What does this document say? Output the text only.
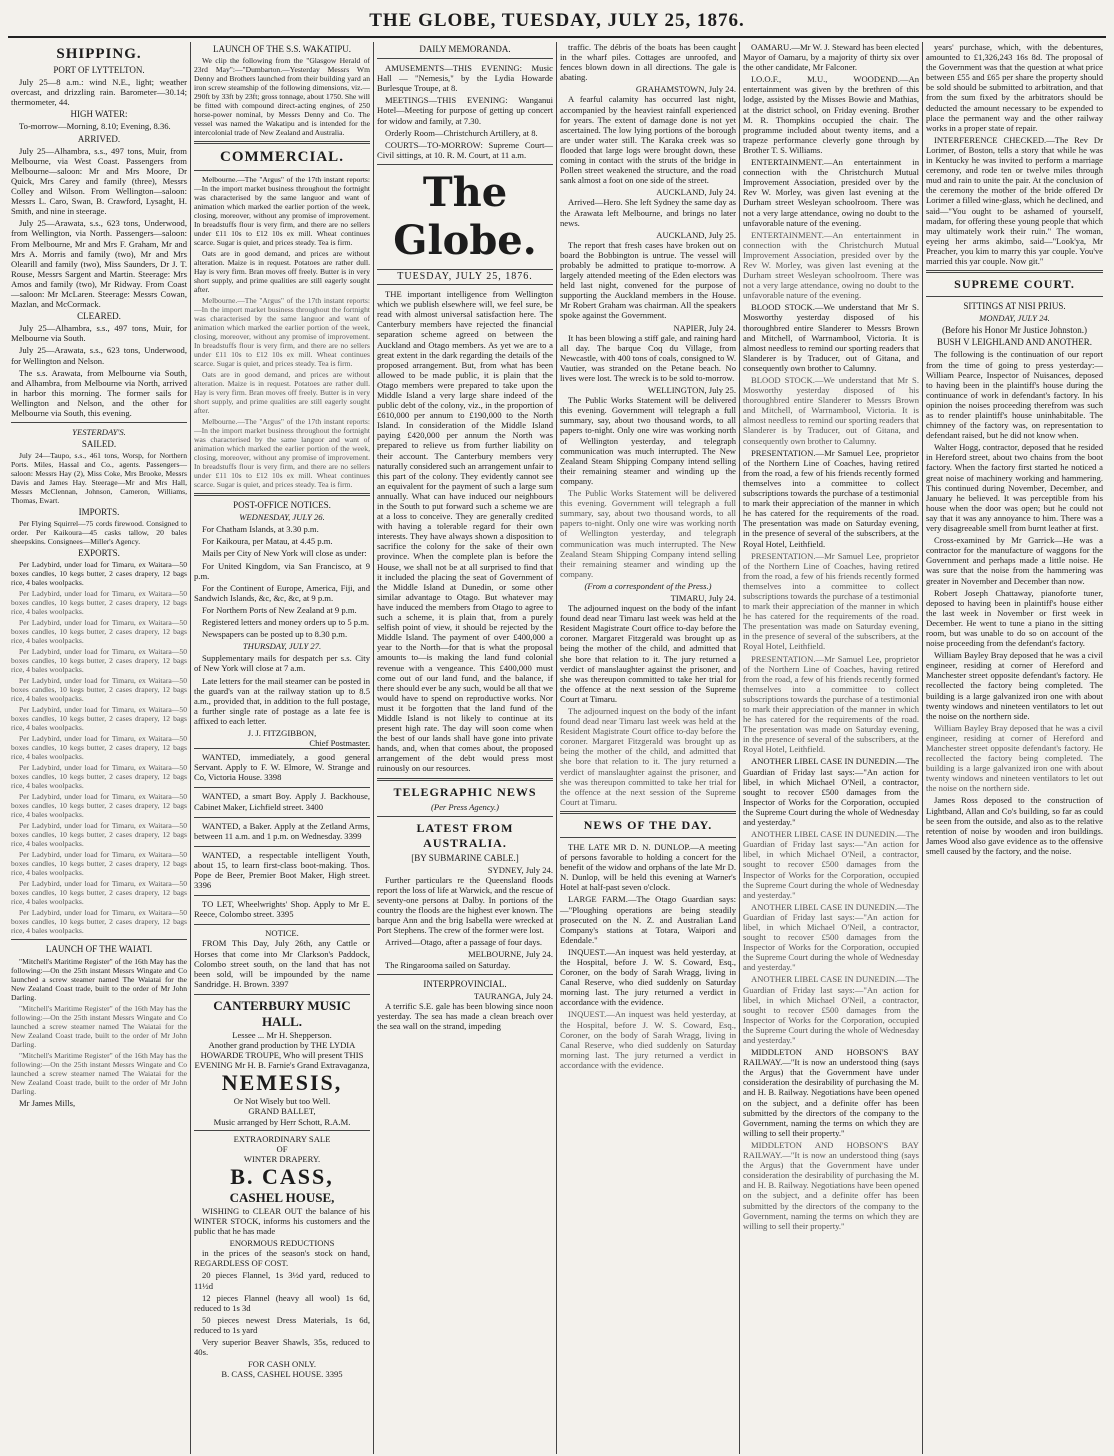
THE GLOBE, TUESDAY, JULY 25, 1876.
SHIPPING.
PORT OF LYTTELTON.

July 25—8 a.m.: wind N.E., light; weather overcast, and drizzling rain. Barometer—30.14; thermometer, 44.

HIGH WATER:

To-morrow—Morning, 8.10; Evening, 8.36.

ARRIVED.

July 25—Alhambra, s.s., 497 tons, Muir, from Melbourne, via West Coast. Passengers from Melbourne—saloon: Mr and Mrs Moore, Dr Quick, Mrs Carey and family (three), Messrs Colley and Wilson. From Wellington—saloon: Messrs L. Caro, Swan, B. Crawford, Lysaght, H. Smith, and nine in steerage.

July 25—Arawata, s.s., 623 tons, Underwood, from Wellington, via North. Passengers—saloon: From Melbourne, Mr and Mrs F. Graham, Mr and Mrs A. Morris and family (two), Mr and Mrs Olearill and family (two), Miss Saunders, Dr J. T. Rouse, Messrs Sargent and Martin. Steerage: Mrs Amos and family (two), Mr Ridway. From Coast—saloon: Mr McLaren. Steerage: Messrs Cowan, Mazlan, and McCormack.

CLEARED.

July 25—Alhambra, s.s., 497 tons, Muir, for Melbourne via South.

July 25—Arawata, s.s., 623 tons, Underwood, for Wellington and Nelson.

The s.s. Arawata, from Melbourne via South, and Alhambra, from Melbourne via North, arrived in harbor this morning. The former sails for Wellington and Nelson, and the other for Melbourne via South, this evening.

YESTERDAY'S.
SAILED.

July 24—Taupo, s.s., 461 tons, Worsp, for Northern Ports. Miles, Hassal and Co., agents. Passengers—saloon: Messrs Hay (2), Miss Coke, Mrs Brooke, Messrs Davis and James Hay. Steerage—Mr and Mrs Hall, Messrs McClennan, Johnson, Cameron, Williams, Thomas, Ewart.

IMPORTS.

Per Flying Squirrel—75 cords firewood. Consigned to order. Per Kaikoura—45 casks tallow, 20 bales sheepskins. Consignees—Miller's Agency.

EXPORTS.

Per Ladybird, under load for Timaru, ex Waitara—50 boxes candles, 10 kegs butter, 2 cases drapery, 12 bags rice, 4 bales woolpacks.

Per Ladybird, under load for Timaru, ex Waitara—50 boxes candles, 10 kegs butter, 2 cases drapery, 12 bags rice, 4 bales woolpacks.

Per Ladybird, under load for Timaru, ex Waitara—50 boxes candles, 10 kegs butter, 2 cases drapery, 12 bags rice, 4 bales woolpacks.

Per Ladybird, under load for Timaru, ex Waitara—50 boxes candles, 10 kegs butter, 2 cases drapery, 12 bags rice, 4 bales woolpacks.

Per Ladybird, under load for Timaru, ex Waitara—50 boxes candles, 10 kegs butter, 2 cases drapery, 12 bags rice, 4 bales woolpacks.

Per Ladybird, under load for Timaru, ex Waitara—50 boxes candles, 10 kegs butter, 2 cases drapery, 12 bags rice, 4 bales woolpacks.

Per Ladybird, under load for Timaru, ex Waitara—50 boxes candles, 10 kegs butter, 2 cases drapery, 12 bags rice, 4 bales woolpacks.

Per Ladybird, under load for Timaru, ex Waitara—50 boxes candles, 10 kegs butter, 2 cases drapery, 12 bags rice, 4 bales woolpacks.

Per Ladybird, under load for Timaru, ex Waitara—50 boxes candles, 10 kegs butter, 2 cases drapery, 12 bags rice, 4 bales woolpacks.

Per Ladybird, under load for Timaru, ex Waitara—50 boxes candles, 10 kegs butter, 2 cases drapery, 12 bags rice, 4 bales woolpacks.

Per Ladybird, under load for Timaru, ex Waitara—50 boxes candles, 10 kegs butter, 2 cases drapery, 12 bags rice, 4 bales woolpacks.

Per Ladybird, under load for Timaru, ex Waitara—50 boxes candles, 10 kegs butter, 2 cases drapery, 12 bags rice, 4 bales woolpacks.

Per Ladybird, under load for Timaru, ex Waitara—50 boxes candles, 10 kegs butter, 2 cases drapery, 12 bags rice, 4 bales woolpacks.

LAUNCH OF THE WAIATI.

"Mitchell's Maritime Register" of the 16th May has the following:—On the 25th instant Messrs Wingate and Co launched a screw steamer named The Waiatai for the New Zealand Coast trade, built to the order of Mr John Darling.

"Mitchell's Maritime Register" of the 16th May has the following:—On the 25th instant Messrs Wingate and Co launched a screw steamer named The Waiatai for the New Zealand Coast trade, built to the order of Mr John Darling.

"Mitchell's Maritime Register" of the 16th May has the following:—On the 25th instant Messrs Wingate and Co launched a screw steamer named The Waiatai for the New Zealand Coast trade, built to the order of Mr John Darling.

Mr James Mills,

LAUNCH OF THE S.S. WAKATIPU.

We clip the following from the "Glasgow Herald of 23rd May":—"Dumbarton.—Yesterday Messrs Wm Denny and Brothers launched from their building yard an iron screw steamship of the following dimensions, viz.—290ft by 33ft by 23ft; gross tonnage, about 1750. She will be fitted with compound direct-acting engines, of 250 horse-power nominal, by Messrs Denny and Co. The vessel was named the Wakatipu and is intended for the intercolonial trade of New Zealand and Australia.

COMMERCIAL.

Melbourne.—The "Argus" of the 17th instant reports:—In the import market business throughout the fortnight was characterised by the same languor and want of animation which marked the earlier portion of the week, closing, moreover, without any promise of improvement. In breadstuffs flour is very firm, and there are no sellers under £11 10s to £12 10s ex mill. Wheat continues scarce. Sugar is quiet, and prices steady. Tea is firm.

Oats are in good demand, and prices are without alteration. Maize is in request. Potatoes are rather dull. Hay is very firm. Bran moves off freely. Butter is in very short supply, and prime qualities are still eagerly sought after.

Melbourne.—The "Argus" of the 17th instant reports:—In the import market business throughout the fortnight was characterised by the same languor and want of animation which marked the earlier portion of the week, closing, moreover, without any promise of improvement. In breadstuffs flour is very firm, and there are no sellers under £11 10s to £12 10s ex mill. Wheat continues scarce. Sugar is quiet, and prices steady. Tea is firm.

Oats are in good demand, and prices are without alteration. Maize is in request. Potatoes are rather dull. Hay is very firm. Bran moves off freely. Butter is in very short supply, and prime qualities are still eagerly sought after.

Melbourne.—The "Argus" of the 17th instant reports:—In the import market business throughout the fortnight was characterised by the same languor and want of animation which marked the earlier portion of the week, closing, moreover, without any promise of improvement. In breadstuffs flour is very firm, and there are no sellers under £11 10s to £12 10s ex mill. Wheat continues scarce. Sugar is quiet, and prices steady. Tea is firm.

POST-OFFICE NOTICES.
WEDNESDAY, JULY 26.

For Chatham Islands, at 3.30 p.m.

For Kaikoura, per Matau, at 4.45 p.m.

Mails per City of New York will close as under:

For United Kingdom, via San Francisco, at 9 p.m.

For the Continent of Europe, America, Fiji, and Sandwich Islands, &c, &c, &c, at 9 p.m.

For Northern Ports of New Zealand at 9 p.m.

Registered letters and money orders up to 5 p.m.

Newspapers can be posted up to 8.30 p.m.

THURSDAY, JULY 27.

Supplementary mails for despatch per s.s. City of New York will close at 7 a.m.

Late letters for the mail steamer can be posted in the guard's van at the railway station up to 8.5 a.m., provided that, in addition to the full postage, a further single rate of postage as a late fee is affixed to each letter.

J. J. FITZGIBBON,
Chief Postmaster.

WANTED, immediately, a good general Servant. Apply to F. W. Elmore, W. Strange and Co, Victoria House. 3398

WANTED, a smart Boy. Apply J. Backhouse, Cabinet Maker, Lichfield street. 3400

WANTED, a Baker. Apply at the Zetland Arms, between 11 a.m. and 1 p.m. on Wednesday. 3399

WANTED, a respectable intelligent Youth, about 15, to learn first-class boot-making. Thos. Pope de Beer, Premier Boot Maker, High street. 3396

TO LET, Wheelwrights' Shop. Apply to Mr E. Reece, Colombo street. 3395

NOTICE.

FROM This Day, July 26th, any Cattle or Horses that come into Mr Clarkson's Paddock, Colombo street south, on the land that has not been sold, will be impounded by the name Sandridge. H. Brown. 3397

CANTERBURY MUSIC HALL.
Lessee ... Mr H. Shepperson.
Another grand production by THE LYDIA HOWARDE TROUPE, Who will present THIS EVENING Mr H. B. Farnie's Grand Extravaganza,
NEMESIS,
Or Not Wisely but too Well.
GRAND BALLET,
Music arranged by Herr Schott, R.A.M.
EXTRAORDINARY SALE
OF
WINTER DRAPERY.
B. CASS,
CASHEL HOUSE,

WISHING to CLEAR OUT the balance of his WINTER STOCK, informs his customers and the public that he has made

ENORMOUS REDUCTIONS

in the prices of the season's stock on hand, REGARDLESS OF COST.

20 pieces Flannel, 1s 3½d yard, reduced to 11½d

12 pieces Flannel (heavy all wool) 1s 6d, reduced to 1s 3d

50 pieces newest Dress Materials, 1s 6d, reduced to 1s yard

Very superior Beaver Shawls, 35s, reduced to 40s.

FOR CASH ONLY.
B. CASS, CASHEL HOUSE. 3395
DAILY MEMORANDA.

AMUSEMENTS—THIS EVENING: Music Hall — "Nemesis," by the Lydia Howarde Burlesque Troupe, at 8.

MEETINGS—THIS EVENING: Wanganui Hotel—Meeting for purpose of getting up concert for widow and family, at 7.30.

Orderly Room—Christchurch Artillery, at 8.

COURTS—TO-MORROW: Supreme Court—Civil sittings, at 10. R. M. Court, at 11 a.m.

The Globe.
TUESDAY, JULY 25, 1876.

THE important intelligence from Wellington which we publish elsewhere will, we feel sure, be read with almost universal satisfaction here. The Canterbury members have rejected the financial separation scheme agreed on between the Auckland and Otago members. As yet we are to a great extent in the dark regarding the details of the proposed arrangement. But, from what has been allowed to be made public, it is plain that the Otago members were prepared to take upon the Middle Island a very large share indeed of the public debt of the colony, viz., in the proportion of £610,000 per annum to £190,000 to the North Island. In consideration of the Middle Island paying £420,000 per annum the North was prepared to relieve us from further liability on their account. The Canterbury members very naturally considered such an arrangement unfair to this part of the colony. They evidently cannot see an equivalent for the payment of such a large sum annually. What can have induced our neighbours in the South to put forward such a scheme we are at a loss to conceive. They are generally credited with having a tolerable regard for their own interests. They have always shown a disposition to sacrifice the colony for the sake of their own province. When the complete plan is before the House, we shall not be at all surprised to find that it included the placing the seat of Government of the Middle Island at Dunedin, or some other similar advantage to Otago. But whatever may have induced the members from Otago to agree to such a scheme, it is plain that, from a purely selfish point of view, it should be rejected by the Middle Island. The payment of over £400,000 a year to the North—for that is what the proposal amounts to—is making the land fund colonial revenue with a vengeance. This £400,000 must come out of our land fund, and the balance, if there should ever be any such, would be all that we would have to spend on reproductive works. Nor must it be forgotten that the land fund of the Middle Island is not likely to continue at its present high rate. The day will soon come when the best of our lands shall have gone into private hands, and, when that comes about, the proposed arrangement of the debt would press most ruinously on our resources.

TELEGRAPHIC NEWS
(Per Press Agency.)
LATEST FROM AUSTRALIA.
[BY SUBMARINE CABLE.]
SYDNEY, July 24.

Further particulars re the Queensland floods report the loss of life at Warwick, and the rescue of seventy-one persons at Dalby. In portions of the country the floods are the highest ever known. The barque Ann and the brig Isabella were wrecked at Port Stephens. The crew of the former were lost.

Arrived—Otago, after a passage of four days.

MELBOURNE, July 24.

The Ringarooma sailed on Saturday.

INTERPROVINCIAL.
TAURANGA, July 24.

A terrific S.E. gale has been blowing since noon yesterday. The sea has made a clean breach over the sea wall on the strand, impeding

traffic. The débris of the boats has been caught in the wharf piles. Cottages are unroofed, and fences blown down in all directions. The gale is abating.

GRAHAMSTOWN, July 24.

A fearful calamity has occurred last night, accompanied by the heaviest rainfall experienced for years. The extent of damage done is not yet ascertained. The low lying portions of the borough are under water still. The Karaka creek was so flooded that large logs were brought down, these coming in contact with the struts of the bridge in Pollen street weakened the structure, and the road sank almost a foot on one side of the street.

AUCKLAND, July 24.

Arrived—Hero. She left Sydney the same day as the Arawata left Melbourne, and brings no later news.

AUCKLAND, July 25.

The report that fresh cases have broken out on board the Bobbington is untrue. The vessel will probably be admitted to pratique to-morrow. A largely attended meeting of the Eden electors was held last night, convened for the purpose of supporting the Auckland members in the House. Mr Robert Graham was chairman. All the speakers spoke against the Government.

NAPIER, July 24.

It has been blowing a stiff gale, and raining hard all day. The barque Coq du Village, from Newcastle, with 400 tons of coals, consigned to W. Vautier, was stranded on the Petane beach. No lives were lost. The wreck is to be sold to-morrow.

WELLINGTON, July 25.

The Public Works Statement will be delivered this evening. Government will telegraph a full summary, say, about two thousand words, to all papers to-night. Only one wire was working north of Wellington yesterday, and telegraph communication was much interrupted. The New Zealand Steam Shipping Company intend selling their remaining steamer and winding up the company.

The Public Works Statement will be delivered this evening. Government will telegraph a full summary, say, about two thousand words, to all papers to-night. Only one wire was working north of Wellington yesterday, and telegraph communication was much interrupted. The New Zealand Steam Shipping Company intend selling their remaining steamer and winding up the company.

(From a correspondent of the Press.)
TIMARU, July 24.

The adjourned inquest on the body of the infant found dead near Timaru last week was held at the Resident Magistrate Court office to-day before the coroner. Margaret Fitzgerald was brought up as being the mother of the child, and admitted that she bore that relation to it. The jury returned a verdict of manslaughter against the prisoner, and she was thereupon committed to take her trial for the offence at the next session of the Supreme Court at Timaru.

The adjourned inquest on the body of the infant found dead near Timaru last week was held at the Resident Magistrate Court office to-day before the coroner. Margaret Fitzgerald was brought up as being the mother of the child, and admitted that she bore that relation to it. The jury returned a verdict of manslaughter against the prisoner, and she was thereupon committed to take her trial for the offence at the next session of the Supreme Court at Timaru.

NEWS OF THE DAY.

THE LATE MR D. N. DUNLOP.—A meeting of persons favorable to holding a concert for the benefit of the widow and orphans of the late Mr D. N. Dunlop, will be held this evening at Warner's Hotel at half-past seven o'clock.

LARGE FARM.—The Otago Guardian says:—"Ploughing operations are being steadily prosecuted on the N. Z. and Australian Land Company's stations at Totara, Waipori and Edendale."

INQUEST.—An inquest was held yesterday, at the Hospital, before J. W. S. Coward, Esq., Coroner, on the body of Sarah Wragg, living in Canal Reserve, who died suddenly on Saturday morning last. The jury returned a verdict in accordance with the evidence.

INQUEST.—An inquest was held yesterday, at the Hospital, before J. W. S. Coward, Esq., Coroner, on the body of Sarah Wragg, living in Canal Reserve, who died suddenly on Saturday morning last. The jury returned a verdict in accordance with the evidence.

OAMARU.—Mr W. J. Steward has been elected Mayor of Oamaru, by a majority of thirty six over the other candidate, Mr Falconer.

I.O.O.F., M.U., WOODEND.—An entertainment was given by the brethren of this lodge, assisted by the Misses Bowie and Mathias, at the district school, on Friday evening. Brother M. R. Thompkins occupied the chair. The programme included about twenty items, and a trapeze performance cleverly gone through by Brother T. S. Williams.

ENTERTAINMENT.—An entertainment in connection with the Christchurch Mutual Improvement Association, presided over by the Rev W. Morley, was given last evening at the Durham street Wesleyan schoolroom. There was not a very large attendance, owing no doubt to the unfavorable nature of the evening.

ENTERTAINMENT.—An entertainment in connection with the Christchurch Mutual Improvement Association, presided over by the Rev W. Morley, was given last evening at the Durham street Wesleyan schoolroom. There was not a very large attendance, owing no doubt to the unfavorable nature of the evening.

BLOOD STOCK.—We understand that Mr S. Mosworthy yesterday disposed of his thoroughbred entire Slanderer to Messrs Brown and Mitchell, of Warrnambool, Victoria. It is almost needless to remind our sporting readers that Slanderer is by Traducer, out of Gitana, and consequently own brother to Calumny.

BLOOD STOCK.—We understand that Mr S. Mosworthy yesterday disposed of his thoroughbred entire Slanderer to Messrs Brown and Mitchell, of Warrnambool, Victoria. It is almost needless to remind our sporting readers that Slanderer is by Traducer, out of Gitana, and consequently own brother to Calumny.

PRESENTATION.—Mr Samuel Lee, proprietor of the Northern Line of Coaches, having retired from the road, a few of his friends recently formed themselves into a committee to collect subscriptions towards the purchase of a testimonial to mark their appreciation of the manner in which he has catered for the requirements of the road. The presentation was made on Saturday evening, in the presence of several of the subscribers, at the Royal Hotel, Leithfield.

PRESENTATION.—Mr Samuel Lee, proprietor of the Northern Line of Coaches, having retired from the road, a few of his friends recently formed themselves into a committee to collect subscriptions towards the purchase of a testimonial to mark their appreciation of the manner in which he has catered for the requirements of the road. The presentation was made on Saturday evening, in the presence of several of the subscribers, at the Royal Hotel, Leithfield.

PRESENTATION.—Mr Samuel Lee, proprietor of the Northern Line of Coaches, having retired from the road, a few of his friends recently formed themselves into a committee to collect subscriptions towards the purchase of a testimonial to mark their appreciation of the manner in which he has catered for the requirements of the road. The presentation was made on Saturday evening, in the presence of several of the subscribers, at the Royal Hotel, Leithfield.

ANOTHER LIBEL CASE IN DUNEDIN.—The Guardian of Friday last says:—"An action for libel, in which Michael O'Neil, a contractor, sought to recover £500 damages from the Inspector of Works for the Corporation, occupied the Supreme Court during the whole of Wednesday and yesterday."

ANOTHER LIBEL CASE IN DUNEDIN.—The Guardian of Friday last says:—"An action for libel, in which Michael O'Neil, a contractor, sought to recover £500 damages from the Inspector of Works for the Corporation, occupied the Supreme Court during the whole of Wednesday and yesterday."

ANOTHER LIBEL CASE IN DUNEDIN.—The Guardian of Friday last says:—"An action for libel, in which Michael O'Neil, a contractor, sought to recover £500 damages from the Inspector of Works for the Corporation, occupied the Supreme Court during the whole of Wednesday and yesterday."

ANOTHER LIBEL CASE IN DUNEDIN.—The Guardian of Friday last says:—"An action for libel, in which Michael O'Neil, a contractor, sought to recover £500 damages from the Inspector of Works for the Corporation, occupied the Supreme Court during the whole of Wednesday and yesterday."

MIDDLETON AND HOBSON'S BAY RAILWAY.—"It is now an understood thing (says the Argus) that the Government have under consideration the desirability of purchasing the M. and H. B. Railway. Negotiations have been opened on the subject, and a definite offer has been submitted by the directors of the company to the Government, naming the terms on which they are willing to sell their property."

MIDDLETON AND HOBSON'S BAY RAILWAY.—"It is now an understood thing (says the Argus) that the Government have under consideration the desirability of purchasing the M. and H. B. Railway. Negotiations have been opened on the subject, and a definite offer has been submitted by the directors of the company to the Government, naming the terms on which they are willing to sell their property."

years' purchase, which, with the debentures, amounted to £1,326,243 16s 8d. The proposal of the Government was that the question at what price between £55 and £65 per share the property should be sold should be submitted to arbitration, and that from the sum fixed by the arbitrators should be deducted the amount necessary to be expended to place the permanent way and the other railway works in a proper state of repair.

INTERFERENCE CHECKED.—The Rev Dr Lorimer, of Boston, tells a story that while he was in Kentucky he was invited to perform a marriage ceremony, and rode ten or twelve miles through mud and rain to unite the pair. At the conclusion of the ceremony the mother of the bride offered Dr Lorimer a filled wine-glass, which he declined, and said—"You ought to be ashamed of yourself, madam, for offering these young people that which may ultimately work their ruin." The woman, eyeing her arms akimbo, said—"Look'ya, Mr Preacher, you kim to marry this yar couple. You've married this yar couple. Now git."

SUPREME COURT.
SITTINGS AT NISI PRIUS.
MONDAY, JULY 24.
(Before his Honor Mr Justice Johnston.)
BUSH V LEIGHLAND AND ANOTHER.

The following is the continuation of our report from the time of going to press yesterday:— William Pearce, Inspector of Nuisances, deposed to having been in the plaintiff's house during the continuance of work in defendant's factory. In his opinion the noises proceeding therefrom was such as to render plaintiff's house uninhabitable. The chimney of the factory was, on representation to defendant raised, but he did not know when.

Walter Hogg, contractor, deposed that he resided in Hereford street, about two chains from the boot factory. When the factory first started he noticed a great noise of machinery working and hammering. This continued during November, December, and January he believed. It was perceptible from his house when the door was open; but he could not say that it was any annoyance to him. There was a very disagreeable smell from burnt leather at first.

Cross-examined by Mr Garrick—He was a contractor for the manufacture of waggons for the Government and perhaps made a little noise. He was sure that the noise from the hammering was greater in November and December than now.

Robert Joseph Chattaway, pianoforte tuner, deposed to having been in plaintiff's house either the last week in November or first week in December. He went to tune a piano in the sitting room, but was unable to do so on account of the noise proceeding from the defendant's factory.

William Bayley Bray deposed that he was a civil engineer, residing at corner of Hereford and Manchester street opposite defendant's factory. He recollected the factory being completed. The building is a large galvanized iron one with about twenty windows and nineteen ventilators to let out the noise on the northern side.

William Bayley Bray deposed that he was a civil engineer, residing at corner of Hereford and Manchester street opposite defendant's factory. He recollected the factory being completed. The building is a large galvanized iron one with about twenty windows and nineteen ventilators to let out the noise on the northern side.

James Ross deposed to the construction of Lightband, Allan and Co's building, so far as could be seen from the outside, and also as to the relative retention of noise by wooden and iron buildings. James Wood also gave evidence as to the offensive smell caused by the factory, and the noise.
